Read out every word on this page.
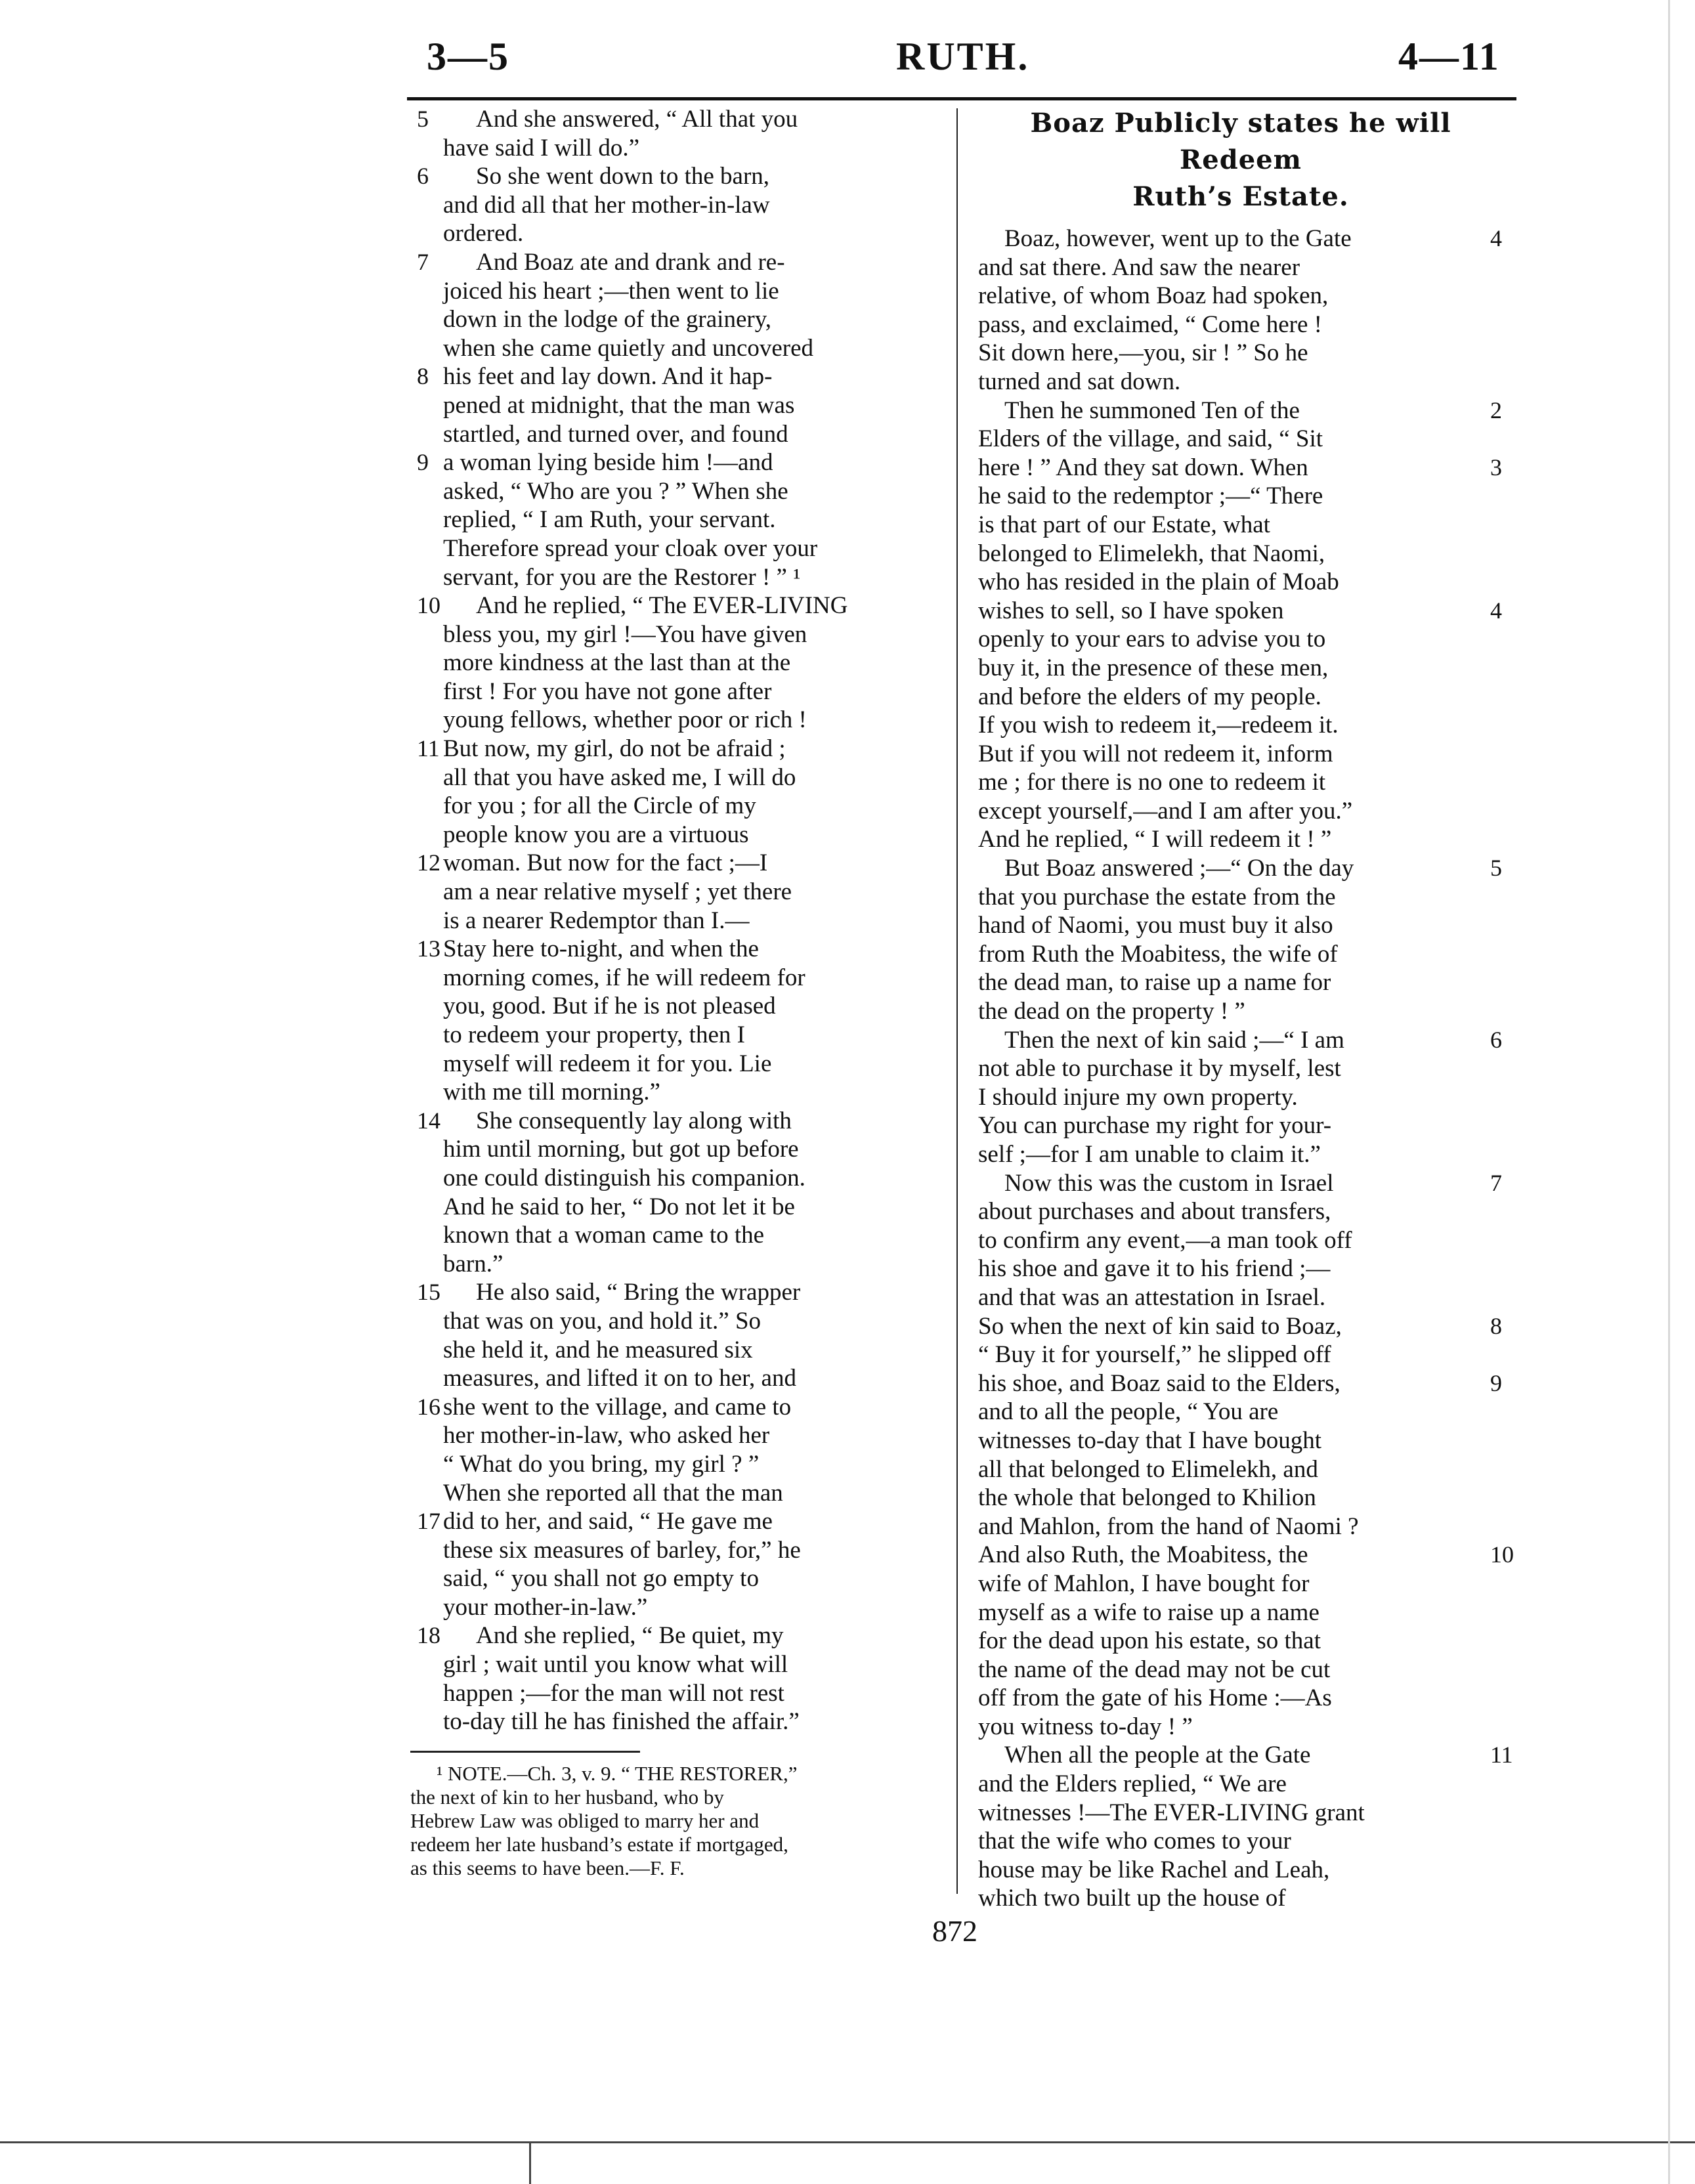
3—5	RUTH.	4—11
5 And she answered, “ All that you
have said I will do.”
6 So she went down to the barn,
and did all that her mother-in-law
ordered.
7 And Boaz ate and drank and re-
joiced his heart ;—then went to lie
down in the lodge of the grainery,
when she came quietly and uncovered
8 his feet and lay down. And it hap-
pened at midnight, that the man was
startled, and turned over, and found
9 a woman lying beside him !—and
asked, “ Who are you ? ” When she
replied, “ I am Ruth, your servant.
Therefore spread your cloak over your
servant, for you are the Restorer ! ” ¹
10 And he replied, “ The EVER-LIVING
bless you, my girl !—You have given
more kindness at the last than at the
first ! For you have not gone after
young fellows, whether poor or rich !
11 But now, my girl, do not be afraid ;
all that you have asked me, I will do
for you ; for all the Circle of my
people know you are a virtuous
12 woman. But now for the fact ;—I
am a near relative myself ; yet there
is a nearer Redemptor than I.—
13 Stay here to-night, and when the
morning comes, if he will redeem for
you, good. But if he is not pleased
to redeem your property, then I
myself will redeem it for you. Lie
with me till morning.”
14 She consequently lay along with
him until morning, but got up before
one could distinguish his companion.
And he said to her, “ Do not let it be
known that a woman came to the
barn.”
15 He also said, “ Bring the wrapper
that was on you, and hold it.” So
she held it, and he measured six
measures, and lifted it on to her, and
16 she went to the village, and came to
her mother-in-law, who asked her
“ What do you bring, my girl ? ”
When she reported all that the man
17 did to her, and said, “ He gave me
these six measures of barley, for,” he
said, “ you shall not go empty to
your mother-in-law.”
18 And she replied, “ Be quiet, my
girl ; wait until you know what will
happen ;—for the man will not rest
to-day till he has finished the affair.”
¹ NOTE.—Ch. 3, v. 9. “ THE RESTORER,”
the next of kin to her husband, who by
Hebrew Law was obliged to marry her and
redeem her late husband’s estate if mortgaged,
as this seems to have been.—F. F.
Boaz Publicly states he will Redeem
Ruth’s Estate.
4
Boaz, however, went up to the Gate
and sat there. And saw the nearer
relative, of whom Boaz had spoken,
pass, and exclaimed, “ Come here !
Sit down here,—you, sir ! ” So he
turned and sat down.
2
Then he summoned Ten of the
Elders of the village, and said, “ Sit
3
here ! ” And they sat down. When
he said to the redemptor ;—“ There
is that part of our Estate, what
belonged to Elimelekh, that Naomi,
who has resided in the plain of Moab
4
wishes to sell, so I have spoken
openly to your ears to advise you to
buy it, in the presence of these men,
and before the elders of my people.
If you wish to redeem it,—redeem it.
But if you will not redeem it, inform
me ; for there is no one to redeem it
except yourself,—and I am after you.”
And he replied, “ I will redeem it ! ”
5
But Boaz answered ;—“ On the day
that you purchase the estate from the
hand of Naomi, you must buy it also
from Ruth the Moabitess, the wife of
the dead man, to raise up a name for
the dead on the property ! ”
6
Then the next of kin said ;—“ I am
not able to purchase it by myself, lest
I should injure my own property.
You can purchase my right for your-
self ;—for I am unable to claim it.”
7
Now this was the custom in Israel
about purchases and about transfers,
to confirm any event,—a man took off
his shoe and gave it to his friend ;—
and that was an attestation in Israel.
8
So when the next of kin said to Boaz,
“ Buy it for yourself,” he slipped off
9
his shoe, and Boaz said to the Elders,
and to all the people, “ You are
witnesses to-day that I have bought
all that belonged to Elimelekh, and
the whole that belonged to Khilion
and Mahlon, from the hand of Naomi ?
10
And also Ruth, the Moabitess, the
wife of Mahlon, I have bought for
myself as a wife to raise up a name
for the dead upon his estate, so that
the name of the dead may not be cut
off from the gate of his Home :—As
you witness to-day ! ”
11
When all the people at the Gate
and the Elders replied, “ We are
witnesses !—The EVER-LIVING grant
that the wife who comes to your
house may be like Rachel and Leah,
which two built up the house of
872
